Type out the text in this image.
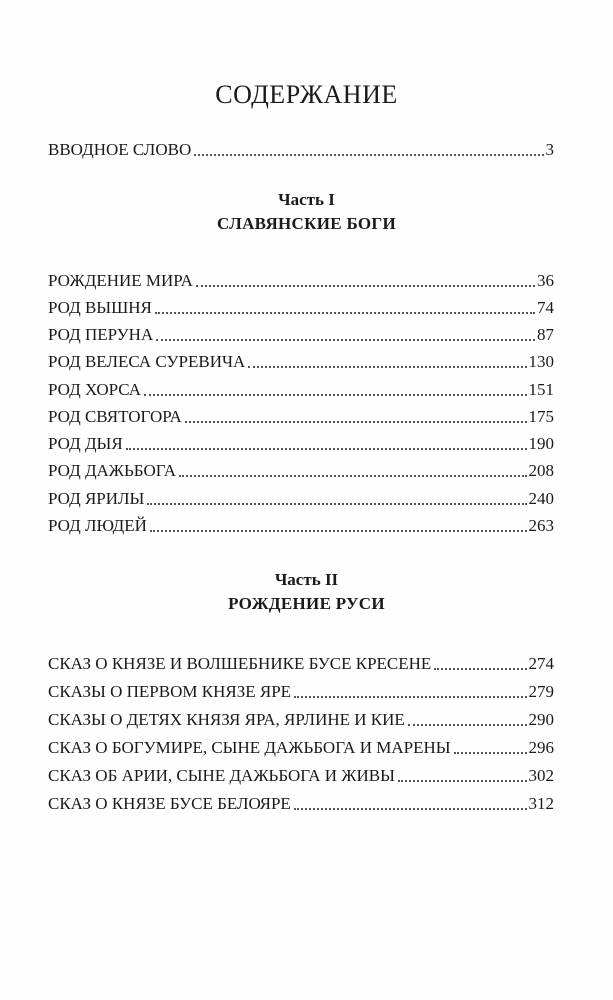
СОДЕРЖАНИЕ
ВВОДНОЕ СЛОВО	3
Часть I
СЛАВЯНСКИЕ БОГИ
РОЖДЕНИЕ МИРА	36
РОД ВЫШНЯ	74
РОД ПЕРУНА	87
РОД ВЕЛЕСА СУРЕВИЧА	130
РОД ХОРСА	151
РОД СВЯТОГОРА	175
РОД ДЫЯ	190
РОД ДАЖЬБОГА	208
РОД ЯРИЛЫ	240
РОД ЛЮДЕЙ	263
Часть II
РОЖДЕНИЕ РУСИ
СКАЗ О КНЯЗЕ И ВОЛШЕБНИКЕ БУСЕ КРЕСЕНЕ	274
СКАЗЫ О ПЕРВОМ КНЯЗЕ ЯРЕ	279
СКАЗЫ О ДЕТЯХ КНЯЗЯ ЯРА, ЯРЛИНЕ И КИЕ	290
СКАЗ О БОГУМИРЕ, СЫНЕ ДАЖЬБОГА И МАРЕНЫ	296
СКАЗ ОБ АРИИ, СЫНЕ ДАЖЬБОГА И ЖИВЫ	302
СКАЗ О КНЯЗЕ БУСЕ БЕЛОЯРЕ	312
